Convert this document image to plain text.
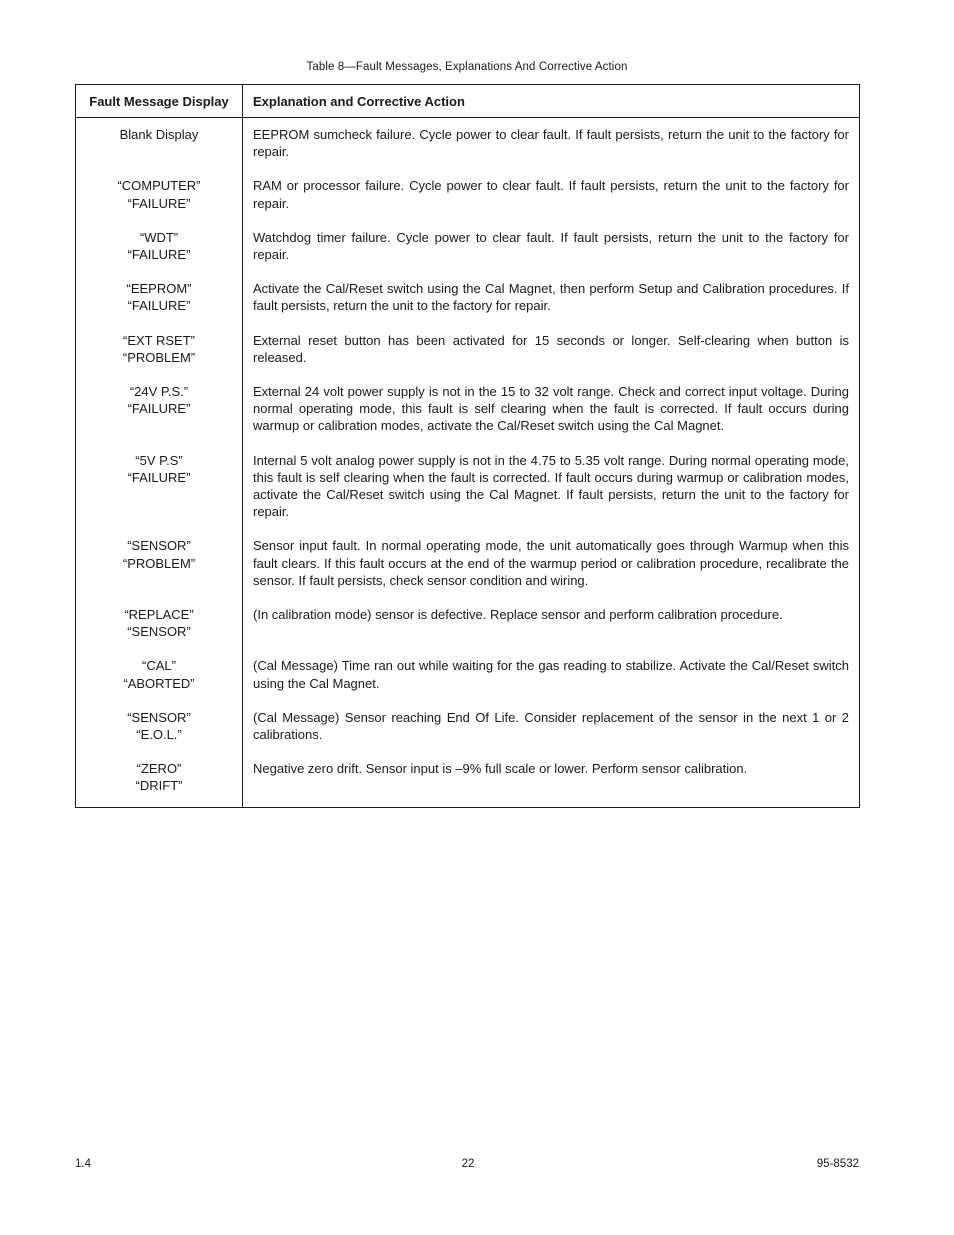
Table 8—Fault Messages, Explanations And Corrective Action
Fault Message Display	Explanation and Corrective Action

Blank Display	EEPROM sumcheck failure. Cycle power to clear fault. If fault persists, return the unit to the factory for repair.

“COMPUTER”
“FAILURE”	RAM or processor failure. Cycle power to clear fault. If fault persists, return the unit to the factory for repair.

“WDT”
“FAILURE”	Watchdog timer failure. Cycle power to clear fault. If fault persists, return the unit to the factory for repair.

“EEPROM”
“FAILURE”	Activate the Cal/Reset switch using the Cal Magnet, then perform Setup and Calibration procedures. If fault persists, return the unit to the factory for repair.

“EXT RSET”
“PROBLEM”	External reset button has been activated for 15 seconds or longer. Self-clearing when button is released.

“24V P.S.”
“FAILURE”	External 24 volt power supply is not in the 15 to 32 volt range. Check and correct input voltage. During normal operating mode, this fault is self clearing when the fault is corrected. If fault occurs during warmup or calibration modes, activate the Cal/Reset switch using the Cal Magnet.

“5V P.S”
“FAILURE”	Internal 5 volt analog power supply is not in the 4.75 to 5.35 volt range. During normal operating mode, this fault is self clearing when the fault is corrected. If fault occurs during warmup or calibration modes, activate the Cal/Reset switch using the Cal Magnet. If fault persists, return the unit to the factory for repair.

“SENSOR”
“PROBLEM”	Sensor input fault. In normal operating mode, the unit automatically goes through Warmup when this fault clears. If this fault occurs at the end of the warmup period or calibration procedure, recalibrate the sensor. If fault persists, check sensor condition and wiring.

“REPLACE”
“SENSOR”	(In calibration mode) sensor is defective. Replace sensor and perform calibration procedure.

“CAL”
“ABORTED”	(Cal Message) Time ran out while waiting for the gas reading to stabilize. Activate the Cal/Reset switch using the Cal Magnet.

“SENSOR”
“E.O.L.”	(Cal Message) Sensor reaching End Of Life. Consider replacement of the sensor in the next 1 or 2 calibrations.

“ZERO”
“DRIFT”	Negative zero drift. Sensor input is –9% full scale or lower. Perform sensor calibration.
1.4	22	95-8532
